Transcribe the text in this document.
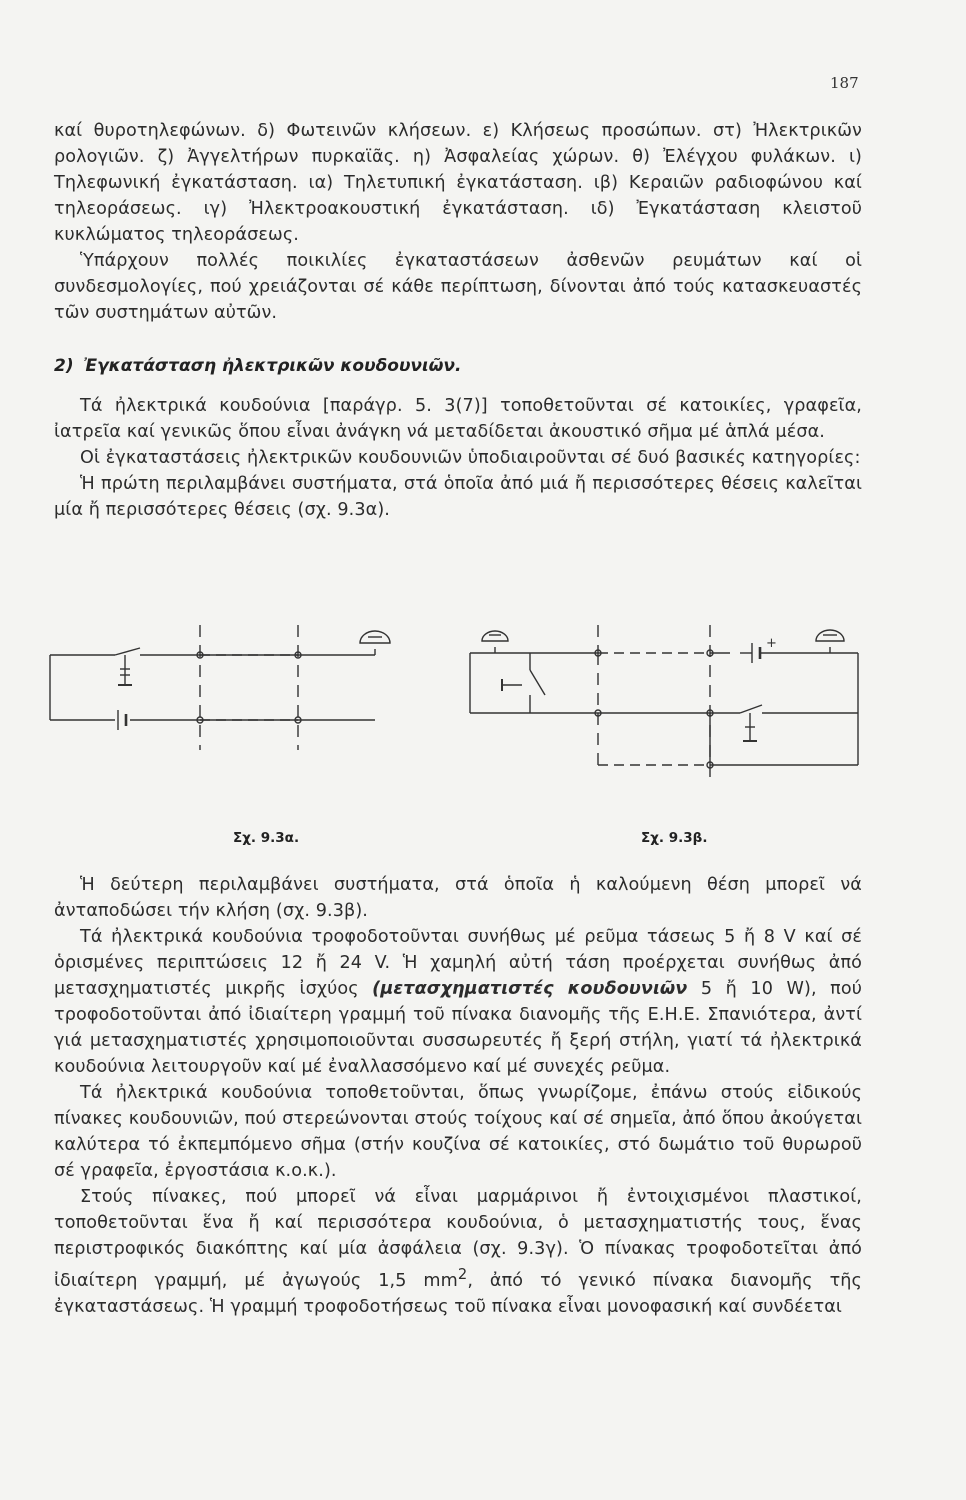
187

καί θυροτηλεφώνων. δ) Φωτεινῶν κλήσεων. ε) Κλήσεως προσώπων. στ) Ἠλεκτρικῶν ρολογιῶν. ζ) Ἀγγελτήρων πυρκαϊᾶς. η) Ἀσφαλείας χώρων. θ) Ἐλέγχου φυλάκων. ι) Τηλεφωνική ἐγκατάσταση. ια) Τηλετυπική ἐγκατάσταση. ιβ) Κεραιῶν ραδιοφώνου καί τηλεοράσεως. ιγ) Ἠλεκτροακουστική ἐγκατάσταση. ιδ) Ἐγκατάσταση κλειστοῦ κυκλώματος τηλεοράσεως.

Ὑπάρχουν πολλές ποικιλίες ἐγκαταστάσεων ἀσθενῶν ρευμάτων καί οἱ συνδεσμολογίες, πού χρειάζονται σέ κάθε περίπτωση, δίνονται ἀπό τούς κατασκευαστές τῶν συστημάτων αὐτῶν.

2) Ἐγκατάσταση ἠλεκτρικῶν κουδουνιῶν.

Τά ἠλεκτρικά κουδούνια [παράγρ. 5. 3(7)] τοποθετοῦνται σέ κατοικίες, γραφεῖα, ἰατρεῖα καί γενικῶς ὅπου εἶναι ἀνάγκη νά μεταδίδεται ἀκουστικό σῆμα μέ ἁπλά μέσα.

Οἱ ἐγκαταστάσεις ἠλεκτρικῶν κουδουνιῶν ὑποδιαιροῦνται σέ δυό βασικές κατηγορίες:

Ἡ πρώτη περιλαμβάνει συστήματα, στά ὁποῖα ἀπό μιά ἤ περισσότερες θέσεις καλεῖται μία ἤ περισσότερες θέσεις (σχ. 9.3α).

+
Σχ. 9.3α.	Σχ. 9.3β.

Ἡ δεύτερη περιλαμβάνει συστήματα, στά ὁποῖα ἡ καλούμενη θέση μπορεῖ νά ἀνταποδώσει τήν κλήση (σχ. 9.3β).

Τά ἠλεκτρικά κουδούνια τροφοδοτοῦνται συνήθως μέ ρεῦμα τάσεως 5 ἤ 8 V καί σέ ὁρισμένες περιπτώσεις 12 ἤ 24 V. Ἡ χαμηλή αὐτή τάση προέρχεται συνήθως ἀπό μετασχηματιστές μικρῆς ἰσχύος (μετασχηματιστές κουδουνιῶν 5 ἤ 10 W), πού τροφοδοτοῦνται ἀπό ἰδιαίτερη γραμμή τοῦ πίνακα διανομῆς τῆς Ε.Η.Ε. Σπανιότερα, ἀντί γιά μετασχηματιστές χρησιμοποιοῦνται συσσωρευτές ἤ ξερή στήλη, γιατί τά ἠλεκτρικά κουδούνια λειτουργοῦν καί μέ ἐναλλασσόμενο καί μέ συνεχές ρεῦμα.

Τά ἠλεκτρικά κουδούνια τοποθετοῦνται, ὅπως γνωρίζομε, ἐπάνω στούς εἰδικούς πίνακες κουδουνιῶν, πού στερεώνονται στούς τοίχους καί σέ σημεῖα, ἀπό ὅπου ἀκούγεται καλύτερα τό ἐκπεμπόμενο σῆμα (στήν κουζίνα σέ κατοικίες, στό δωμάτιο τοῦ θυρωροῦ σέ γραφεῖα, ἐργοστάσια κ.ο.κ.).

Στούς πίνακες, πού μπορεῖ νά εἶναι μαρμάρινοι ἤ ἐντοιχισμένοι πλαστικοί, τοποθετοῦνται ἕνα ἤ καί περισσότερα κουδούνια, ὁ μετασχηματιστής τους, ἕνας περιστροφικός διακόπτης καί μία ἀσφάλεια (σχ. 9.3γ). Ὁ πίνακας τροφοδοτεῖται ἀπό ἰδιαίτερη γραμμή, μέ ἀγωγούς 1,5 $mm^2$, ἀπό τό γενικό πίνακα διανομῆς τῆς ἐγκαταστάσεως. Ἡ γραμμή τροφοδοτήσεως τοῦ πίνακα εἶναι μονοφασική καί συνδέεται
